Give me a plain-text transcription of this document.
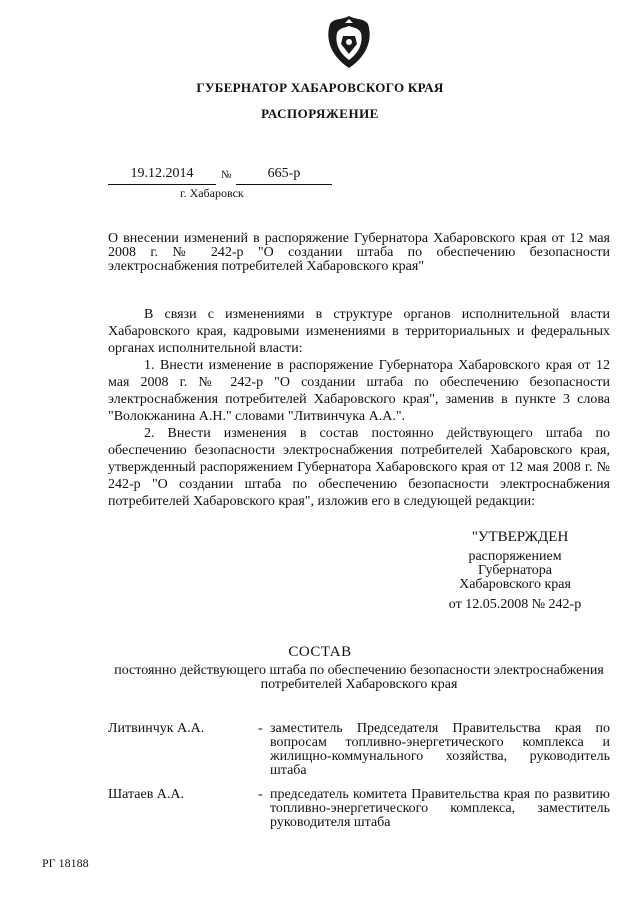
ГУБЕРНАТОР ХАБАРОВСКОГО КРАЯ
РАСПОРЯЖЕНИЕ
19.12.2014	№	665-р
г. Хабаровск
О внесении изменений в распоряжение Губернатора Хабаровского края от 12 мая 2008 г. № 242-р "О создании штаба по обеспечению безопасности электроснабжения потребителей Хабаровского края"

В связи с изменениями в структуре органов исполнительной власти Хабаровского края, кадровыми изменениями в территориальных и федеральных органах исполнительной власти:

1. Внести изменение в распоряжение Губернатора Хабаровского края от 12 мая 2008 г. № 242-р "О создании штаба по обеспечению безопасности электроснабжения потребителей Хабаровского края", заменив в пункте 3 слова "Волокжанина А.Н." словами "Литвинчука А.А.".

2. Внести изменения в состав постоянно действующего штаба по обеспечению безопасности электроснабжения потребителей Хабаровского края, утвержденный распоряжением Губернатора Хабаровского края от 12 мая 2008 г. № 242-р "О создании штаба по обеспечению безопасности электроснабжения потребителей Хабаровского края", изложив его в следующей редакции:

"УТВЕРЖДЕН
распоряжением
Губернатора
Хабаровского края
от 12.05.2008 № 242-р
СОСТАВ
постоянно действующего штаба по обеспечению безопасности электроснабжения потребителей Хабаровского края
Литвинчук А.А.	- заместитель Председателя Правительства края по вопросам топливно-энергетического комплекса и жилищно-коммунального хозяйства, руководитель штаба
Шатаев А.А.	- председатель комитета Правительства края по развитию топливно-энергетического комплекса, заместитель руководителя штаба
РГ 18188
